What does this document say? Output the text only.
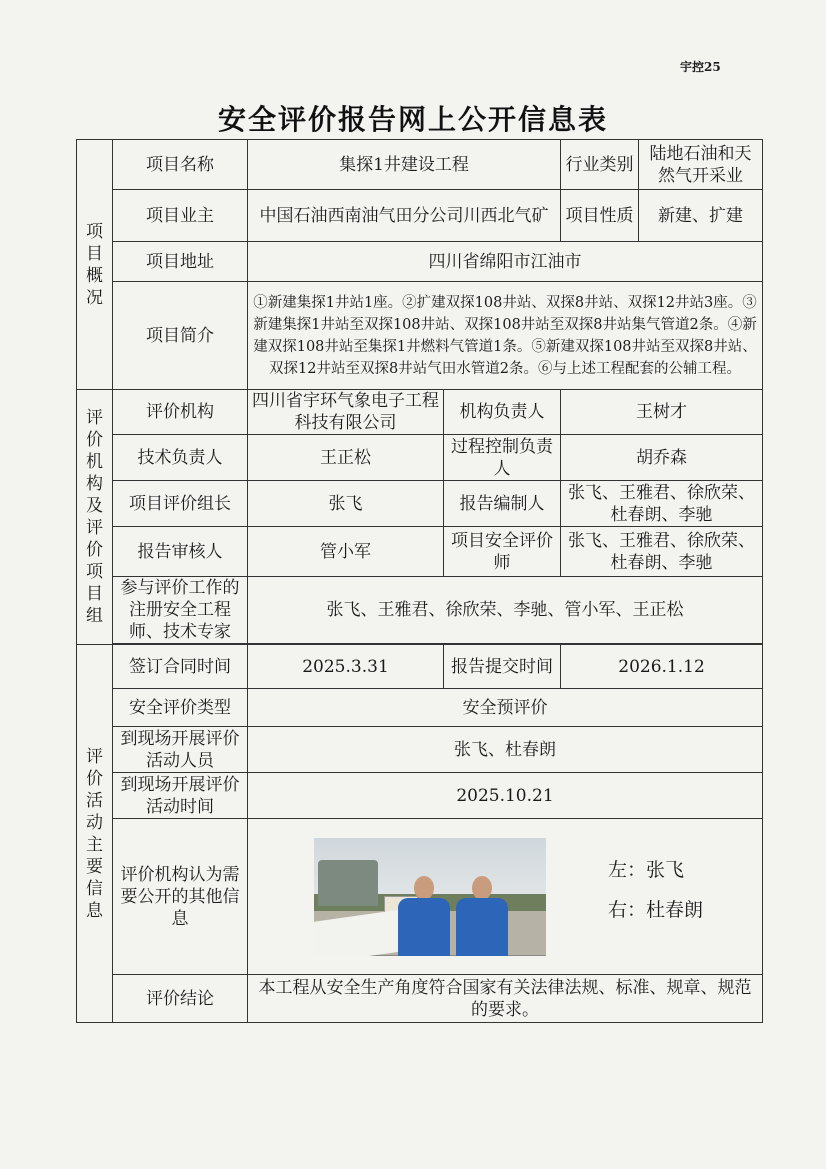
宇控25
安全评价报告网上公开信息表
项目概况	项目名称	集探1井建设工程		行业类别	陆地石油和天然气开采业
	项目业主	中国石油西南油气田分公司川西北气矿		项目性质	新建、扩建
	项目地址	四川省绵阳市江油市			
	项目简介	①新建集探1井站1座。②扩建双探108井站、双探8井站、双探12井站3座。③新建集探1井站至双探108井站、双探108井站至双探8井站集气管道2条。④新建双探108井站至集探1井燃料气管道1条。⑤新建双探108井站至双探8井站、双探12井站至双探8井站气田水管道2条。⑥与上述工程配套的公辅工程。			
评价机构及评价项目组	评价机构	四川省宇环气象电子工程科技有限公司	机构负责人	王树才	
	技术负责人	王正松	过程控制负责人	胡乔森	
	项目评价组长	张飞	报告编制人	张飞、王雅君、徐欣荣、杜春朗、李驰	
	报告审核人	管小军	项目安全评价师	张飞、王雅君、徐欣荣、杜春朗、李驰	
	参与评价工作的注册安全工程师、技术专家	张飞、王雅君、徐欣荣、李驰、管小军、王正松			

评价活动主要信息	签订合同时间	2025.3.31	报告提交时间	2026.1.12	
	安全评价类型	安全预评价			
	到现场开展评价活动人员	张飞、杜春朗			
	到现场开展评价活动时间	2025.10.21			
	评价机构认为需要公开的其他信息	左：张飞
右：杜春朗			

	评价结论	本工程从安全生产角度符合国家有关法律法规、标准、规章、规范的要求。			
